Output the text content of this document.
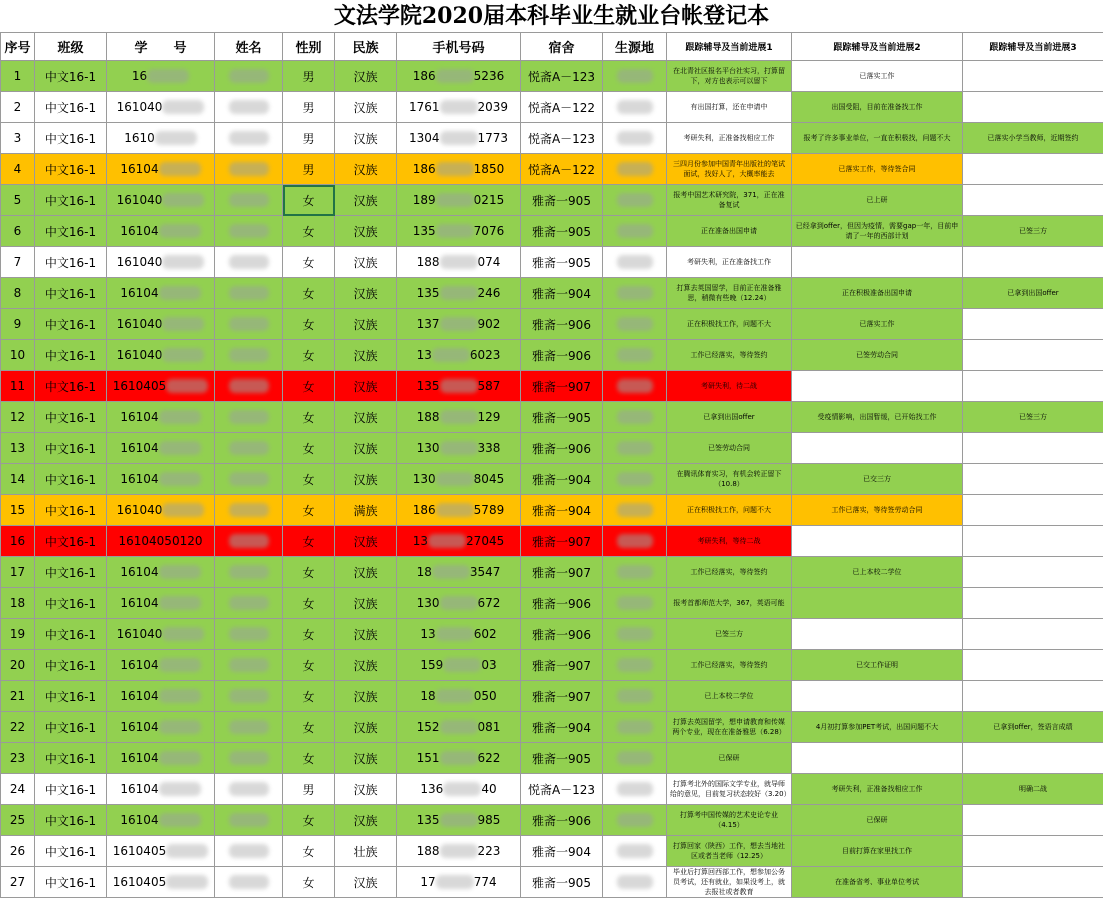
文法学院2020届本科毕业生就业台帐登记本
序号	班级	学　　号	姓名	性别	民族	手机号码	宿舍	生源地	跟踪辅导及当前进展1	跟踪辅导及当前进展2	跟踪辅导及当前进展3
1	中文16-1	16		男	汉族	186 5236	悦斋A－123		在北青社区报名平台社实习，打算留下，对方也表示可以留下	已落实工作	
2	中文16-1	161040		男	汉族	1761 2039	悦斋A－122		有出国打算，还在申请中	出国受阻，目前在准备找工作	
3	中文16-1	1610		男	汉族	1304 1773	悦斋A－123		考研失利，正准备找相应工作	报考了许多事业单位，一直在积极找，问题不大	已落实小学当教师，近期签约
4	中文16-1	16104		男	汉族	186 1850	悦斋A－122		三四月份参加中国青年出版社的笔试面试，找好人了，大概率能去	已落实工作，等待签合同	
5	中文16-1	161040		女	汉族	189 0215	雅斋一905		报考中国艺术研究院，371，正在准备复试	已上研	
6	中文16-1	16104		女	汉族	135 7076	雅斋一905		正在准备出国申请	已经拿到offer，但因为疫情，需要gap一年，目前申请了一年的西部计划	已签三方
7	中文16-1	161040		女	汉族	188 074	雅斋一905		考研失利，正在准备找工作		
8	中文16-1	16104		女	汉族	135 246	雅斋一904		打算去英国留学，目前正在准备雅思，稍微有些晚（12.24）	正在积极准备出国申请	已拿到出国offer
9	中文16-1	161040		女	汉族	137 902	雅斋一906		正在积极找工作，问题不大	已落实工作	
10	中文16-1	161040		女	汉族	13 6023	雅斋一906		工作已经落实，等待签约	已签劳动合同	
11	中文16-1	1610405		女	汉族	135 587	雅斋一907		考研失利，待二战		
12	中文16-1	16104		女	汉族	188 129	雅斋一905		已拿到出国offer	受疫情影响，出国暂缓，已开始找工作	已签三方
13	中文16-1	16104		女	汉族	130 338	雅斋一906		已签劳动合同		
14	中文16-1	16104		女	汉族	130 8045	雅斋一904		在腾讯体育实习，有机会转正留下（10.8）	已交三方	
15	中文16-1	161040		女	满族	186 5789	雅斋一904		正在积极找工作，问题不大	工作已落实，等待签劳动合同	
16	中文16-1	16104050120		女	汉族	13 27045	雅斋一907		考研失利，等待二战		
17	中文16-1	16104		女	汉族	18 3547	雅斋一907		工作已经落实，等待签约	已上本校二学位	
18	中文16-1	16104		女	汉族	130 672	雅斋一906		报考首都师范大学，367，英语可能		
19	中文16-1	161040		女	汉族	13 602	雅斋一906		已签三方		
20	中文16-1	16104		女	汉族	159 03	雅斋一907		工作已经落实，等待签约	已交工作证明	
21	中文16-1	16104		女	汉族	18 050	雅斋一907		已上本校二学位		
22	中文16-1	16104		女	汉族	152 081	雅斋一904		打算去英国留学，想申请教育和传媒两个专业，现在在准备雅思（6.28）	4月初打算参加PET考试，出国问题不大	已拿到offer，签语言成绩
23	中文16-1	16104		女	汉族	151 622	雅斋一905		已保研		
24	中文16-1	16104		男	汉族	136 40	悦斋A－123		打算考北外的国际文学专业，就导师给的意见，目前复习状态较好（3.20）	考研失利，正准备找相应工作	明确二战
25	中文16-1	16104		女	汉族	135 985	雅斋一906		打算考中国传媒的艺术史论专业（4.15）	已保研	
26	中文16-1	1610405		女	壮族	188 223	雅斋一904		打算回家（陕西）工作，想去当地社区或者当老师（12.25）	目前打算在家里找工作	
27	中文16-1	1610405		女	汉族	17 774	雅斋一905		毕业后打算回西部工作，想参加公务员考试，还有就业，如果没考上，就去报社或者教育	在准备省考、事业单位考试	
